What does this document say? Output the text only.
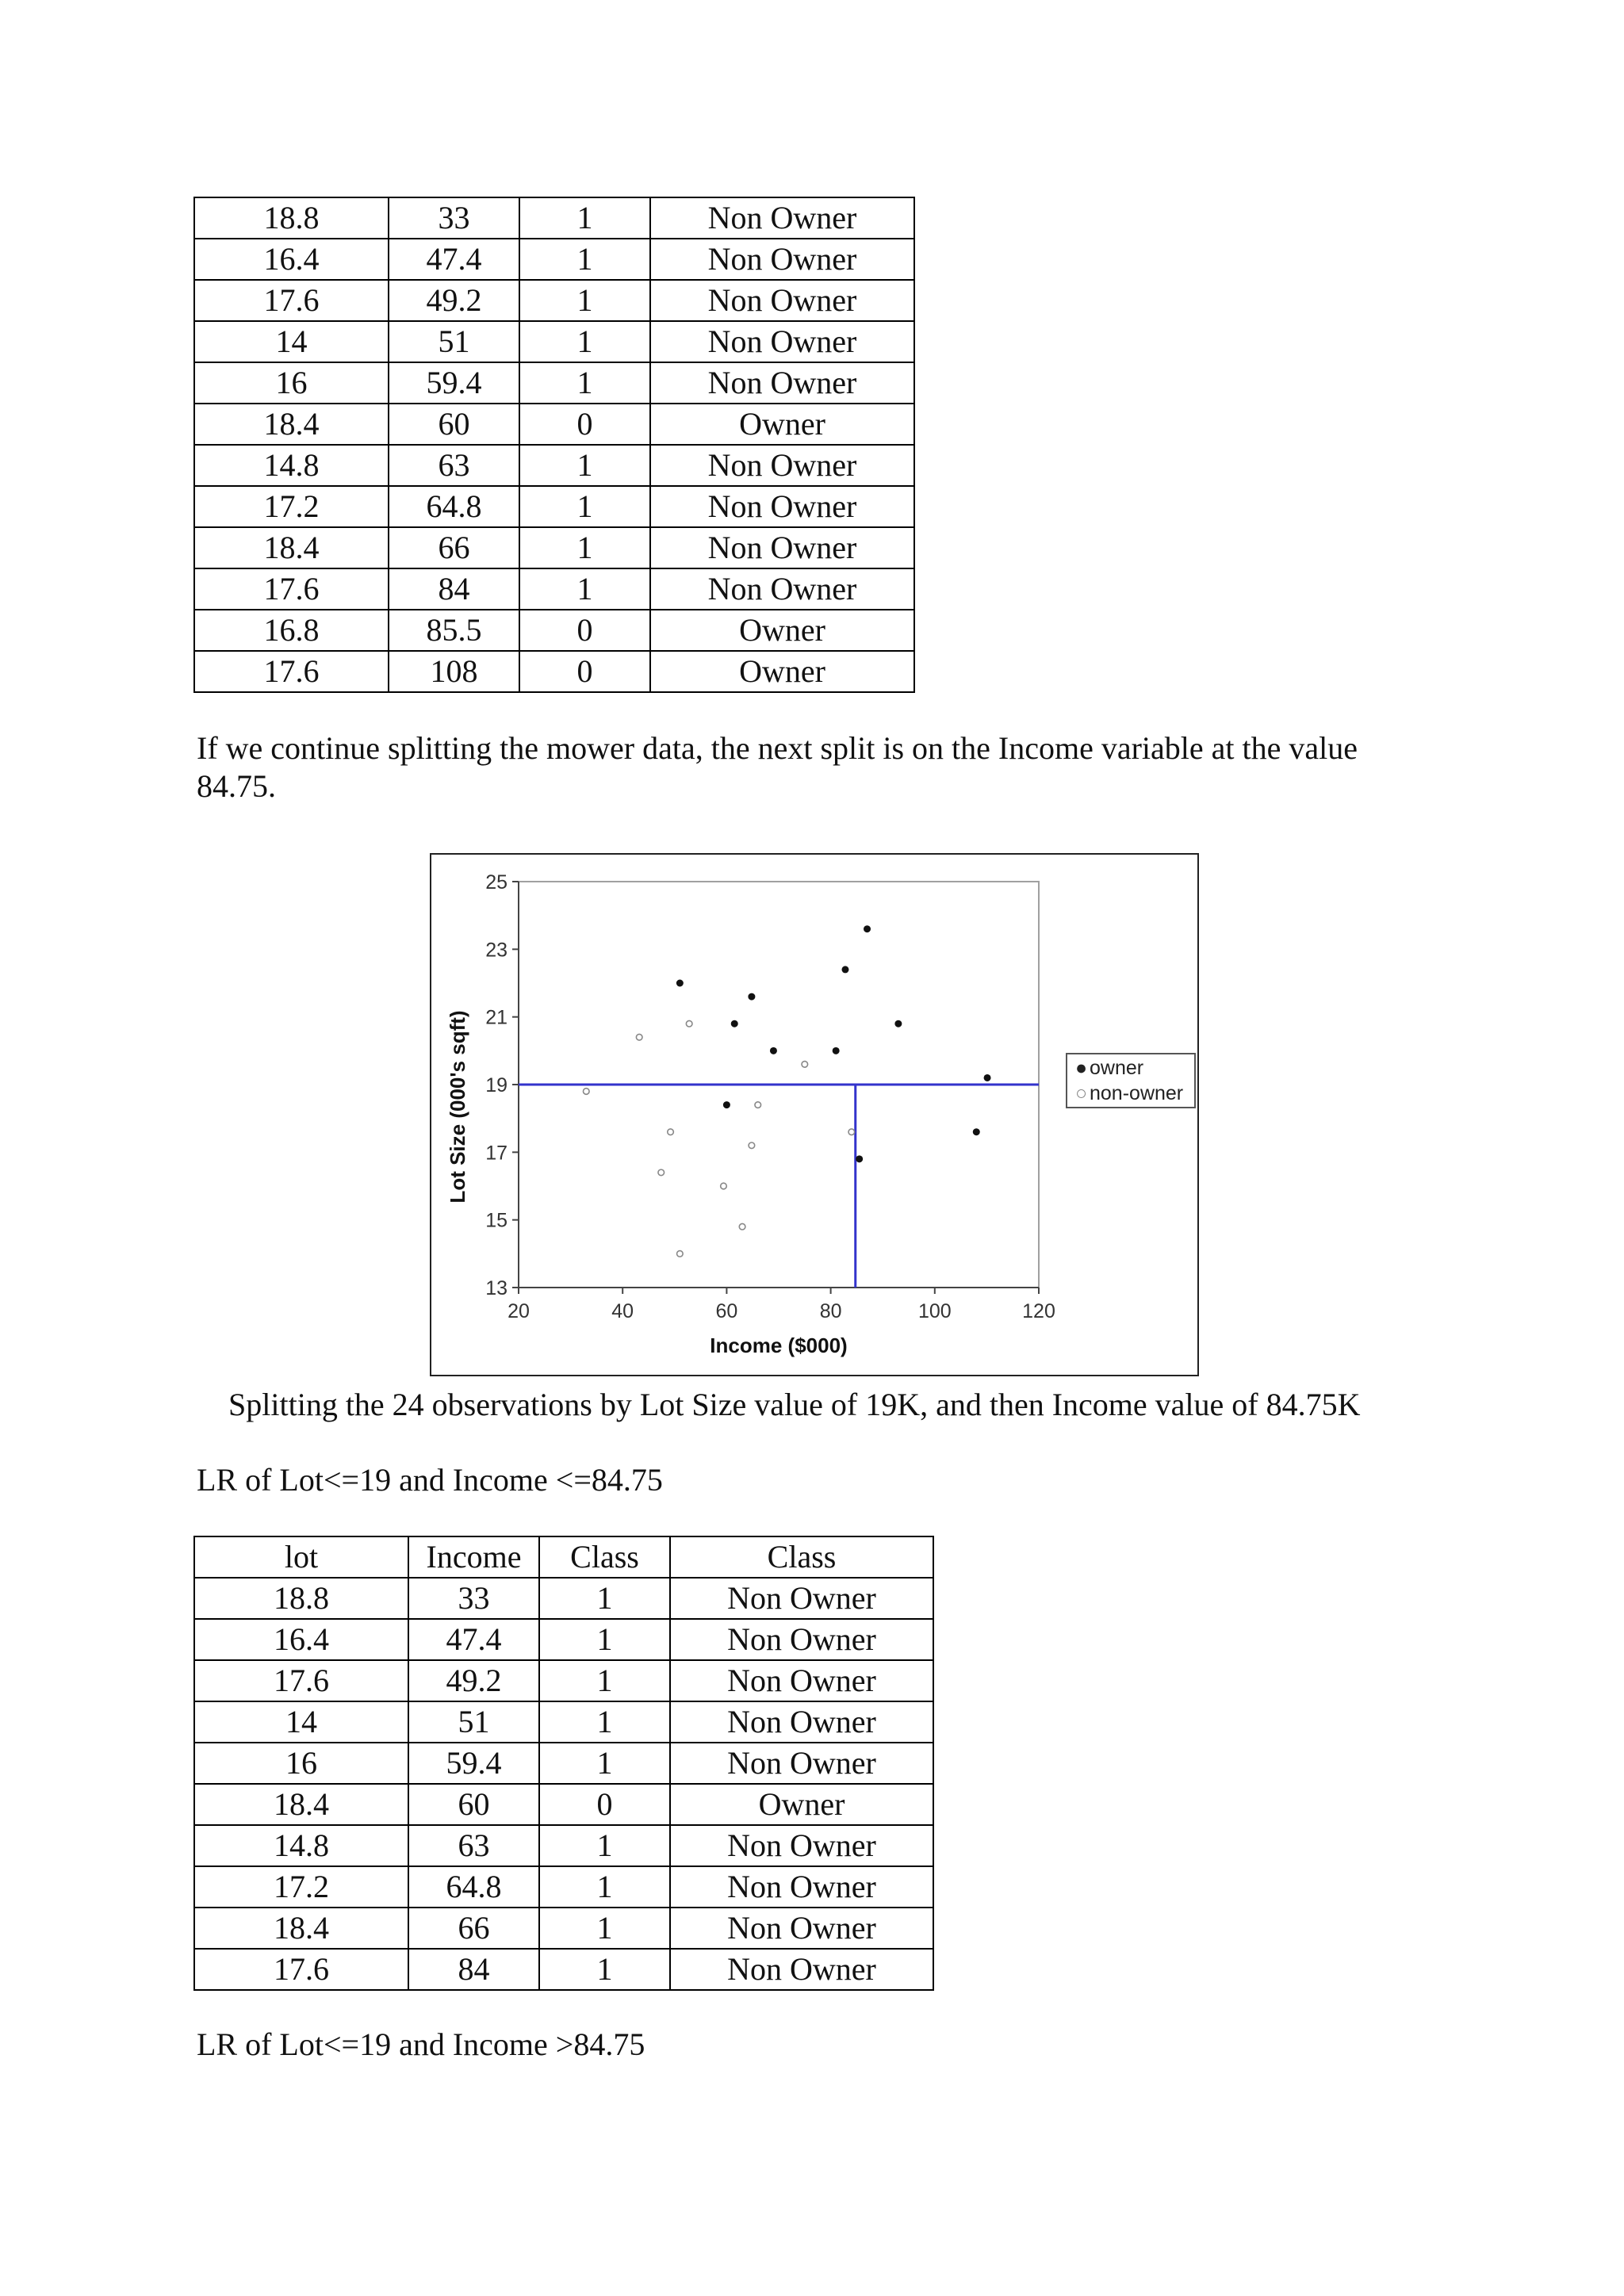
18.8	33	1	Non Owner
16.4	47.4	1	Non Owner
17.6	49.2	1	Non Owner
14	51	1	Non Owner
16	59.4	1	Non Owner
18.4	60	0	Owner
14.8	63	1	Non Owner
17.2	64.8	1	Non Owner
18.4	66	1	Non Owner
17.6	84	1	Non Owner
16.8	85.5	0	Owner
17.6	108	0	Owner

If we continue splitting the mower data, the next split is on the Income variable at the value 84.75.

20	40	60	80	100	120
13
15
17
19
21
23
25
Income ($000)
Lot Size (000's sqft)	● owner
○ non-owner

Splitting the 24 observations by Lot Size value of 19K, and then Income value of 84.75K

LR of Lot<=19 and Income <=84.75

lot	Income	Class	Class
18.8	33	1	Non Owner
16.4	47.4	1	Non Owner
17.6	49.2	1	Non Owner
14	51	1	Non Owner
16	59.4	1	Non Owner
18.4	60	0	Owner
14.8	63	1	Non Owner
17.2	64.8	1	Non Owner
18.4	66	1	Non Owner
17.6	84	1	Non Owner

LR of Lot<=19 and Income >84.75
